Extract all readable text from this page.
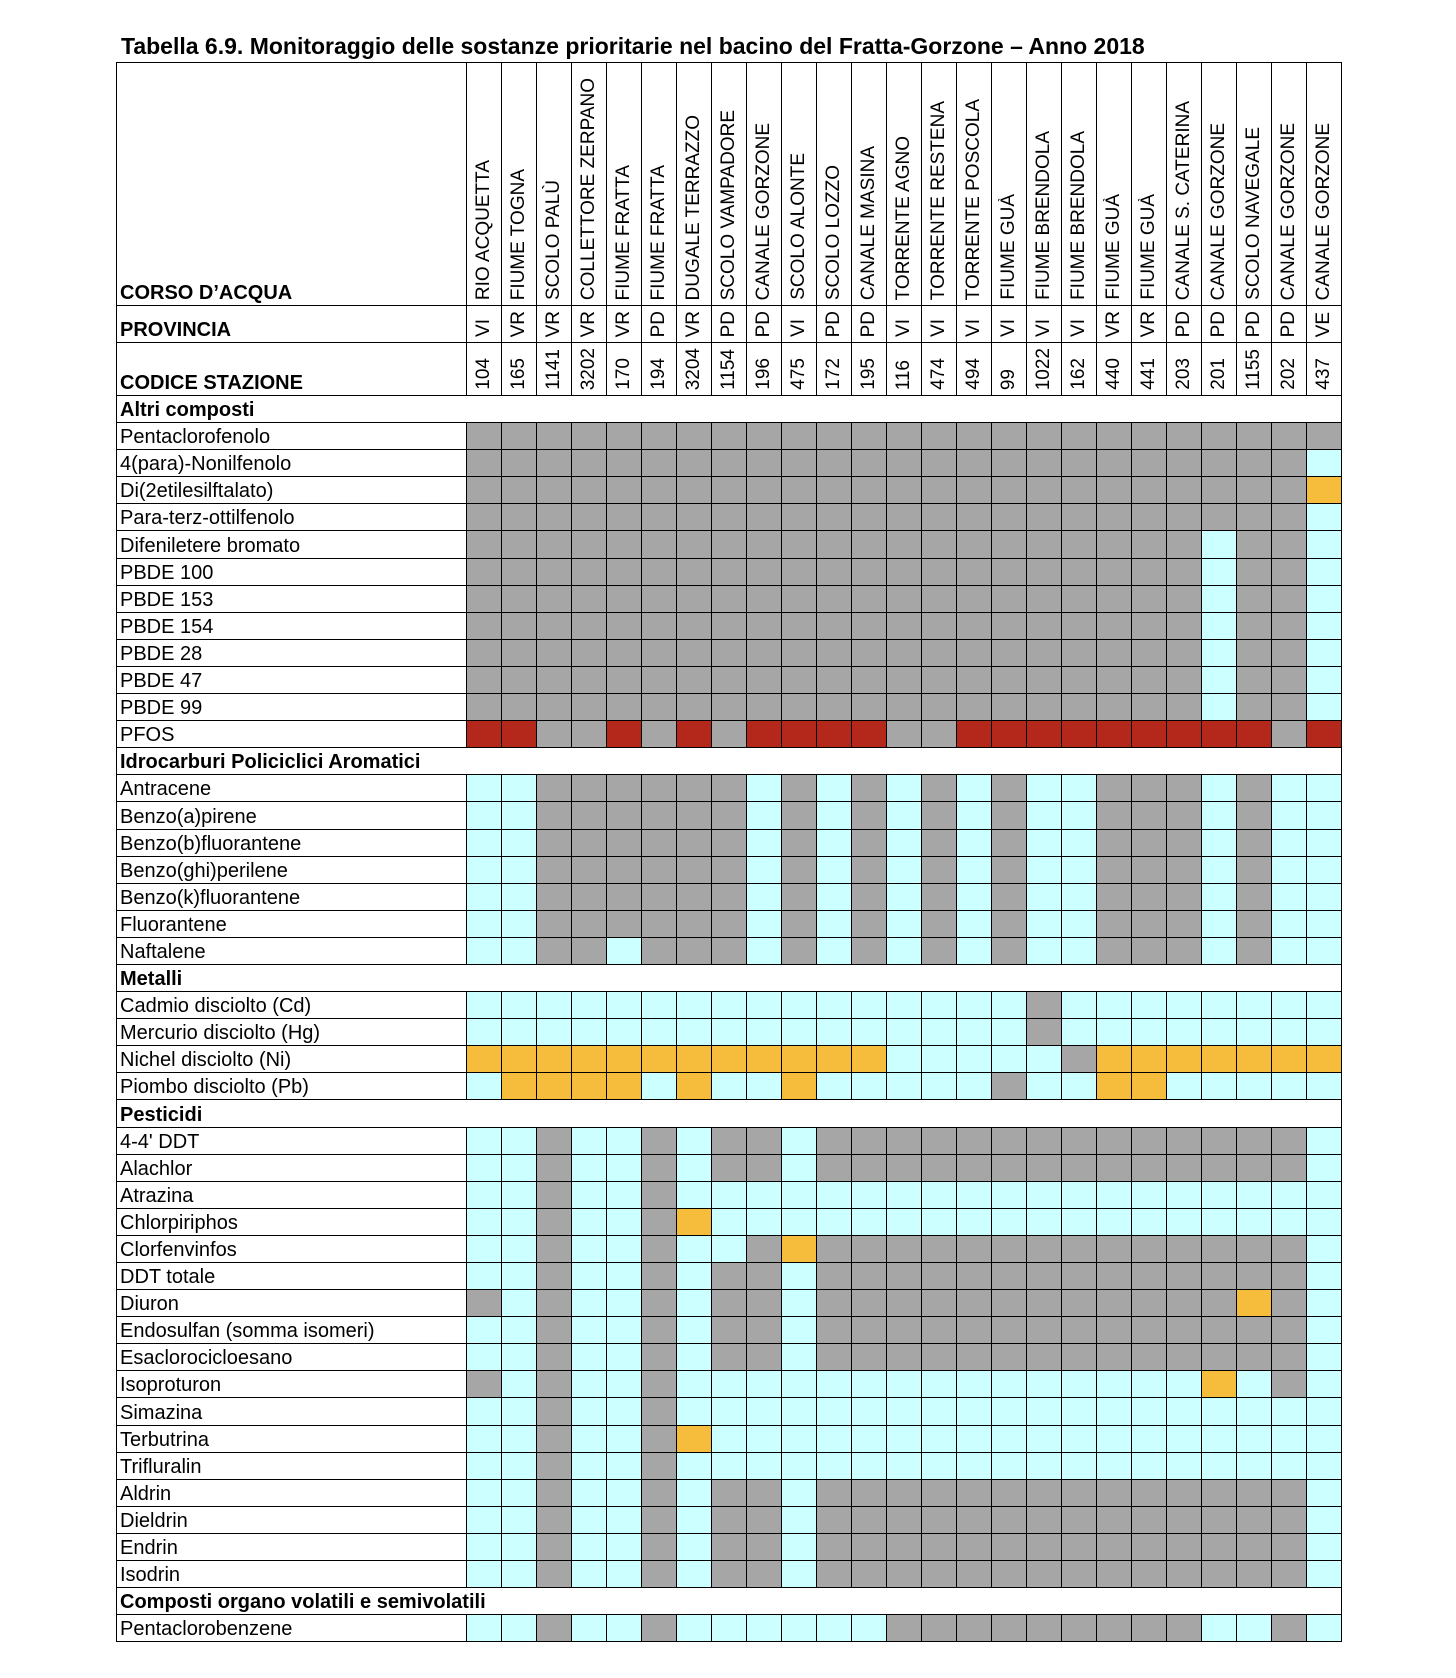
Tabella 6.9. Monitoraggio delle sostanze prioritarie nel bacino del Fratta-Gorzone – Anno 2018
CORSO D’ACQUA	RIO ACQUETTA	FIUME TOGNA	SCOLO PALÙ	COLLETTORE ZERPANO	FIUME FRATTA	FIUME FRATTA	DUGALE TERRAZZO	SCOLO VAMPADORE	CANALE GORZONE	SCOLO ALONTE	SCOLO LOZZO	CANALE MASINA	TORRENTE AGNO	TORRENTE RESTENA	TORRENTE POSCOLA	FIUME GUÀ	FIUME BRENDOLA	FIUME BRENDOLA	FIUME GUÀ	FIUME GUÀ	CANALE S. CATERINA	CANALE GORZONE	SCOLO NAVEGALE	CANALE GORZONE	CANALE GORZONE
PROVINCIA	VI	VR	VR	VR	VR	PD	VR	PD	PD	VI	PD	PD	VI	VI	VI	VI	VI	VI	VR	VR	PD	PD	PD	PD	VE
CODICE STAZIONE	104	165	1141	3202	170	194	3204	1154	196	475	172	195	116	474	494	99	1022	162	440	441	203	201	1155	202	437
Altri composti																									
Pentaclorofenolo																									
4(para)-Nonilfenolo																									
Di(2etilesilftalato)																									
Para-terz-ottilfenolo																									
Difeniletere bromato																									
PBDE 100																									
PBDE 153																									
PBDE 154																									
PBDE 28																									
PBDE 47																									
PBDE 99																									
PFOS																									
Idrocarburi Policiclici Aromatici																									
Antracene																									
Benzo(a)pirene																									
Benzo(b)fluorantene																									
Benzo(ghi)perilene																									
Benzo(k)fluorantene																									
Fluorantene																									
Naftalene																									
Metalli																									
Cadmio disciolto (Cd)																									
Mercurio disciolto (Hg)																									
Nichel disciolto (Ni)																									
Piombo disciolto (Pb)																									
Pesticidi																									
4-4' DDT																									
Alachlor																									
Atrazina																									
Chlorpiriphos																									
Clorfenvinfos																									
DDT totale																									
Diuron																									
Endosulfan (somma isomeri)																									
Esaclorocicloesano																									
Isoproturon																									
Simazina																									
Terbutrina																									
Trifluralin																									
Aldrin																									
Dieldrin																									
Endrin																									
Isodrin																									
Composti organo volatili e semivolatili																									
Pentaclorobenzene																									
